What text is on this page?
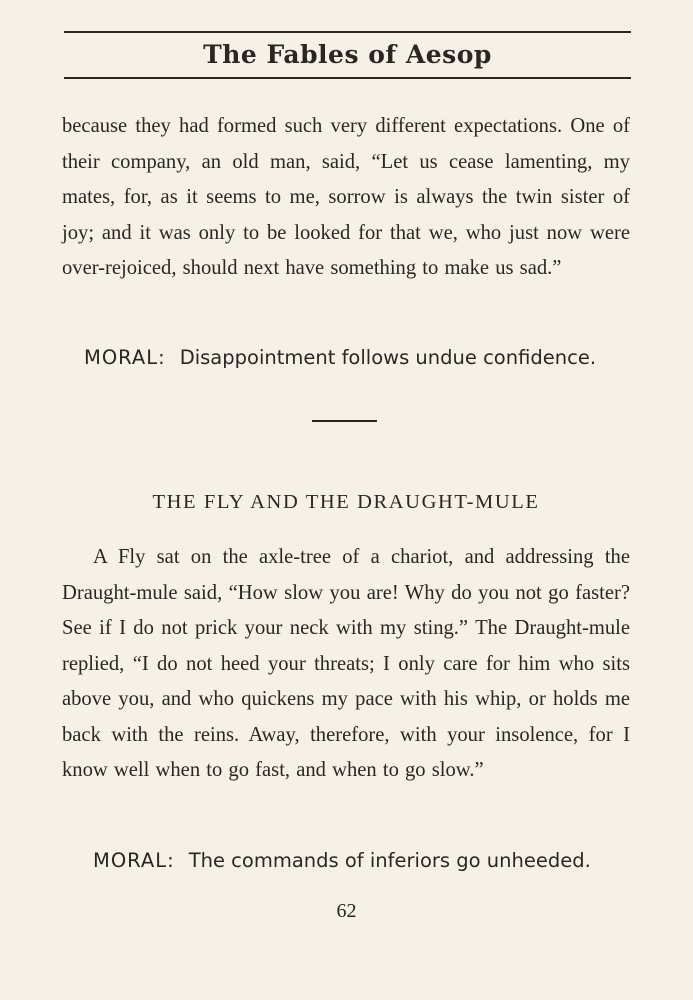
The Fables of Aesop
because they had formed such very different expectations. One of their company, an old man, said, “Let us cease lamenting, my mates, for, as it seems to me, sorrow is always the twin sister of joy; and it was only to be looked for that we, who just now were over-rejoiced, should next have something to make us sad.”
MORAL: Disappointment follows undue confidence.
THE FLY AND THE DRAUGHT-MULE
A Fly sat on the axle-tree of a chariot, and addressing the Draught-mule said, “How slow you are! Why do you not go faster? See if I do not prick your neck with my sting.” The Draught-mule replied, “I do not heed your threats; I only care for him who sits above you, and who quickens my pace with his whip, or holds me back with the reins. Away, therefore, with your insolence, for I know well when to go fast, and when to go slow.”
MORAL: The commands of inferiors go unheeded.
62
